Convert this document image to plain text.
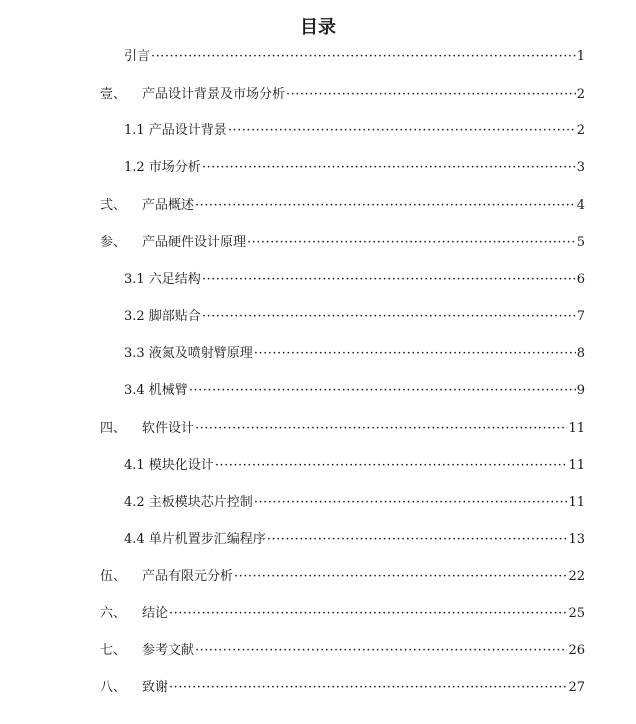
目录
引言 ·····	1
壹、	产品设计背景及市场分析 ·····	2
1.1 产品设计背景 ·····	2
1.2 市场分析 ·····	3
弍、	产品概述 ·····	4
参、	产品硬件设计原理 ·····	5
3.1 六足结构 ·····	6
3.2 脚部贴合 ·····	7
3.3 液氮及喷射臂原理 ·····	8
3.4 机械臂 ·····	9
四、	软件设计 ·····	11
4.1 模块化设计 ·····	11
4.2 主板模块芯片控制 ·····	11
4.4 单片机置步汇编程序 ·····	13
伍、	产品有限元分析 ·····	22
六、	结论 ·····	25
七、	参考文献 ·····	26
八、	致谢 ·····	27
